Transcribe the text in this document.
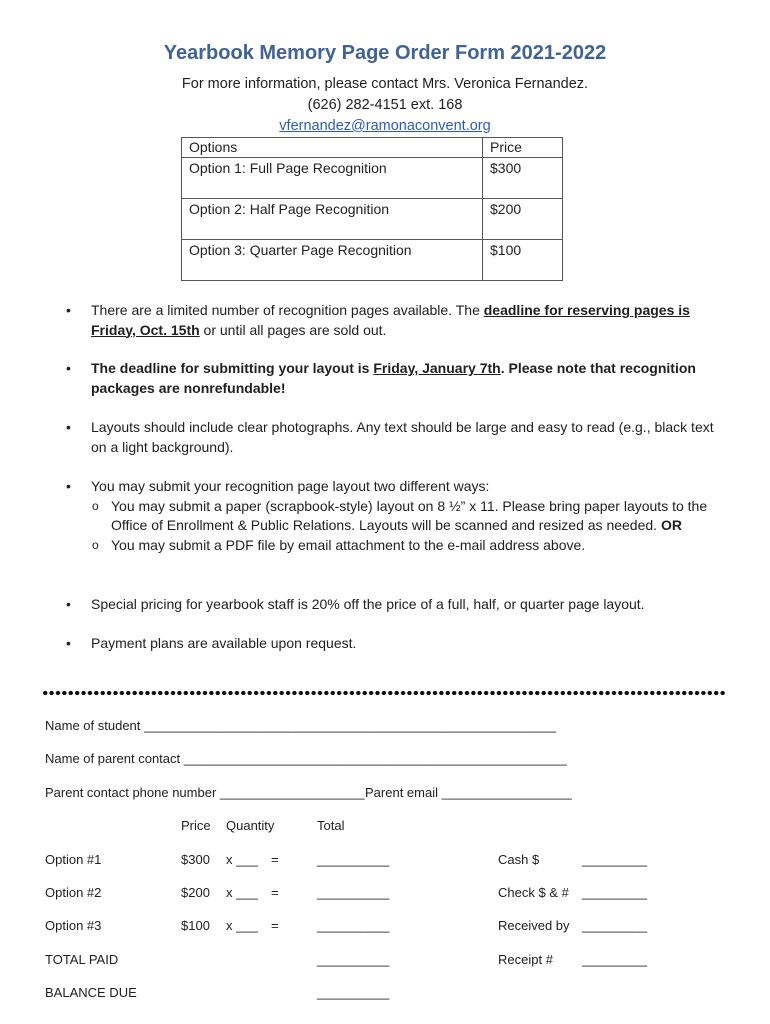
Yearbook Memory Page Order Form 2021-2022
For more information, please contact Mrs. Veronica Fernandez.
(626) 282-4151 ext. 168
vfernandez@ramonaconvent.org
Options	Price
Option 1: Full Page Recognition	$300
Option 2: Half Page Recognition	$200
Option 3: Quarter Page Recognition	$100
• There are a limited number of recognition pages available. The deadline for reserving pages is Friday, Oct. 15th or until all pages are sold out.
• The deadline for submitting your layout is Friday, January 7th. Please note that recognition packages are nonrefundable!
• Layouts should include clear photographs. Any text should be large and easy to read (e.g., black text on a light background).
• You may submit your recognition page layout two different ways:
o You may submit a paper (scrapbook-style) layout on 8 ½” x 11. Please bring paper layouts to the Office of Enrollment & Public Relations. Layouts will be scanned and resized as needed. OR
o You may submit a PDF file by email attachment to the e-mail address above.
• Special pricing for yearbook staff is 20% off the price of a full, half, or quarter page layout.
• Payment plans are available upon request.
Name of student _________________________________________________________
Name of parent contact _____________________________________________________
Parent contact phone number ____________________ Parent email __________________
Price Quantity	Total
Option #1	$300 x ___ =	__________	Cash $	_________
Option #2	$200 x ___ =	__________	Check $ & # _________
Option #3	$100 x ___ =	__________	Received by _________
TOTAL PAID	__________	Receipt # _________
BALANCE DUE	__________
